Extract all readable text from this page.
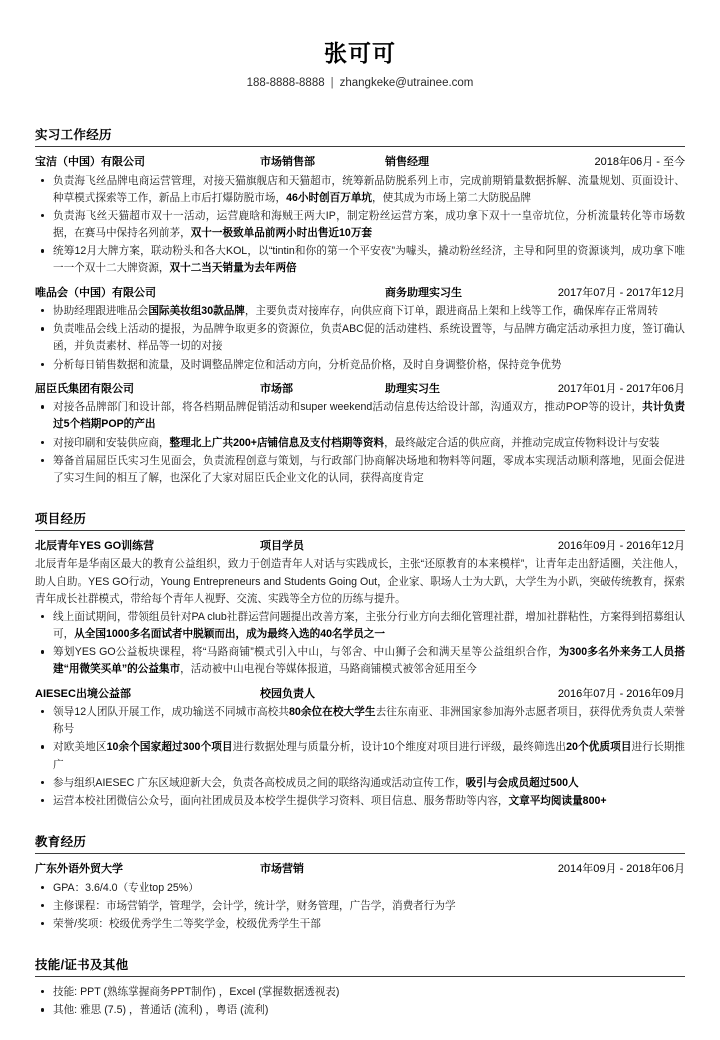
张可可
188-8888-8888 | zhangkeke@utrainee.com
实习工作经历
宝洁（中国）有限公司	市场销售部	销售经理	2018年06月 - 至今
负责海飞丝品牌电商运营管理，对接天猫旗舰店和天猫超市，统筹新品防脱系列上市，完成前期销量数据拆解、流量规划、页面设计、种草模式探索等工作，新品上市后打爆防脱市场，46小时创百万单坑，使其成为市场上第二大防脱品牌
负责海飞丝天猫超市双十一活动，运营鹿晗和海贼王两大IP，制定粉丝运营方案，成功拿下双十一皇帝坑位，分析流量转化等市场数据，在赛马中保持名列前茅，双十一极致单品前两小时出售近10万套
统筹12月大牌方案，联动粉头和各大KOL，以“tintin和你的第一个平安夜”为噱头，撬动粉丝经济，主导和阿里的资源谈判，成功拿下唯一一个双十二大牌资源，双十二当天销量为去年两倍
唯品会（中国）有限公司	商务助理实习生	2017年07月 - 2017年12月
协助经理跟进唯品会国际美妆组30款品牌，主要负责对接库存，向供应商下订单，跟进商品上架和上线等工作，确保库存正常周转
负责唯品会线上活动的提报，为品牌争取更多的资源位，负责ABC促的活动建档、系统设置等，与品牌方确定活动承担力度，签订确认函，并负责素材、样品等一切的对接
分析每日销售数据和流量，及时调整品牌定位和活动方向，分析竞品价格，及时自身调整价格，保持竞争优势
屈臣氏集团有限公司	市场部	助理实习生	2017年01月 - 2017年06月
对接各品牌部门和设计部，将各档期品牌促销活动和super weekend活动信息传达给设计部，沟通双方，推动POP等的设计，共计负责过5个档期POP的产出
对接印刷和安装供应商，整理北上广共200+店铺信息及支付档期等资料，最终敲定合适的供应商，并推动完成宣传物料设计与安装
筹备首届屈臣氏实习生见面会，负责流程创意与策划，与行政部门协商解决场地和物料等问题，零成本实现活动顺利落地，见面会促进了实习生间的相互了解，也深化了大家对屈臣氏企业文化的认同，获得高度肯定
项目经历
北辰青年YES GO训练营	项目学员	2016年09月 - 2016年12月
北辰青年是华南区最大的教育公益组织，致力于创造青年人对话与实践成长，主张“还原教育的本来模样”，让青年走出舒适圈，关注他人，助人自助。YES GO行动，Young Entrepreneurs and Students Going Out，企业家、职场人士为大趴，大学生为小趴，突破传统教育，探索青年成长社群模式，带给每个青年人视野、交流、实践等全方位的历练与提升。
线上面试期间，带领组员针对PA club社群运营问题提出改善方案，主张分行业方向去细化管理社群，增加社群粘性，方案得到招募组认可，从全国1000多名面试者中脱颖而出，成为最终入选的40名学员之一
筹划YES GO公益板块课程，将“马路商铺”模式引入中山，与邻舍、中山狮子会和满天星等公益组织合作，为300多名外来务工人员搭建“用微笑买单”的公益集市，活动被中山电视台等媒体报道，马路商铺模式被邻舍延用至今
AIESEC出境公益部	校园负责人	2016年07月 - 2016年09月
领导12人团队开展工作，成功输送不同城市高校共80余位在校大学生去往东南亚、非洲国家参加海外志愿者项目，获得优秀负责人荣誉称号
对欧美地区10余个国家超过300个项目进行数据处理与质量分析，设计10个维度对项目进行评级，最终筛选出20个优质项目进行长期推广
参与组织AIESEC 广东区域迎新大会，负责各高校成员之间的联络沟通或活动宣传工作，吸引与会成员超过500人
运营本校社团微信公众号，面向社团成员及本校学生提供学习资料、项目信息、服务帮助等内容，文章平均阅读量800+
教育经历
广东外语外贸大学	市场营销	2014年09月 - 2018年06月
GPA：3.6/4.0（专业top 25%）
主修课程：市场营销学，管理学，会计学，统计学，财务管理，广告学，消费者行为学
荣誉/奖项：校级优秀学生二等奖学金，校级优秀学生干部
技能/证书及其他
技能: PPT (熟练掌握商务PPT制作) ，Excel (掌握数据透视表)
其他: 雅思 (7.5) ，普通话 (流利) ，粤语 (流利)
